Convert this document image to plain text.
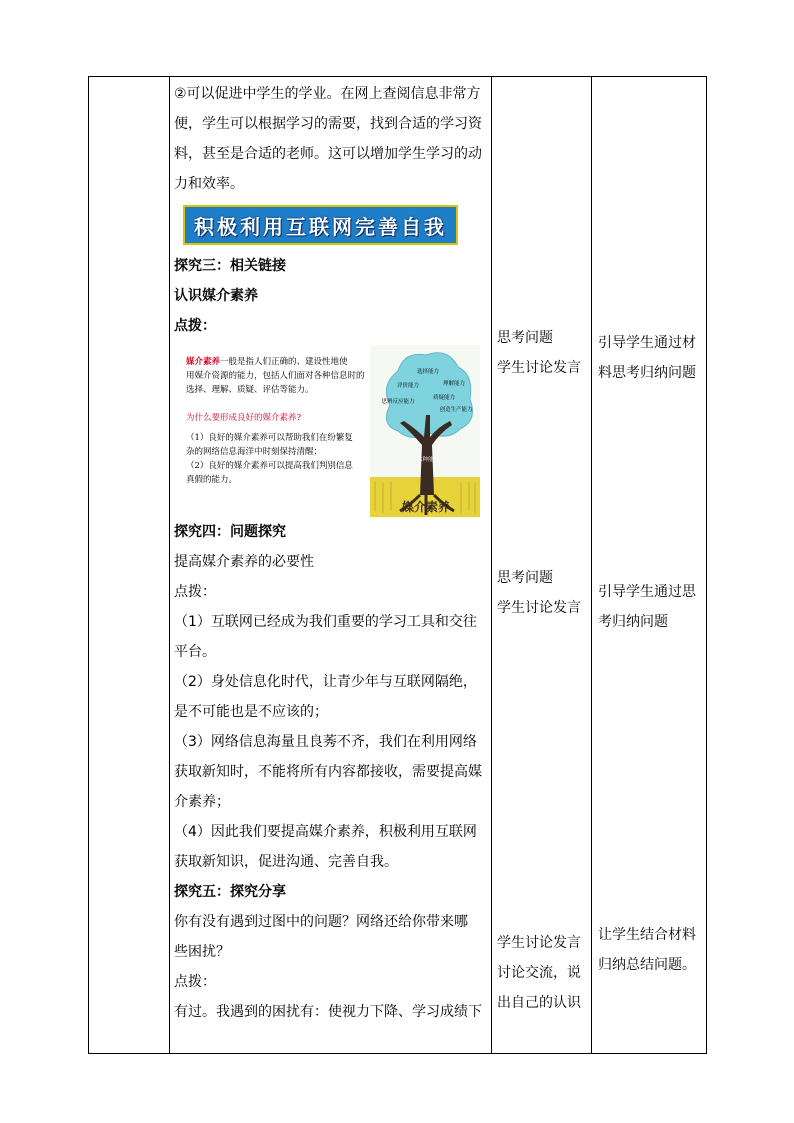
②可以促进中学生的学业。在网上查阅信息非常方

便，学生可以根据学习的需要，找到合适的学习资

料，甚至是合适的老师。这可以增加学生学习的动

力和效率。

积极利用互联网完善自我

探究三：相关链接

认识媒介素养

点拨：

媒介素养一般是指人们正确的、建设性地使
用媒介资源的能力，包括人们面对各种信息时的
选择、理解、质疑、评估等能力。
为什么要形成良好的媒介素养?
（1）良好的媒介素养可以帮助我们在纷繁复
杂的网络信息海洋中时刻保持清醒；
（2）良好的媒介素养可以提高我们判别信息
真假的能力。
选择能力
理解能力
评价能力
质疑能力
思辨反应能力
创造生产能力
六种能力
媒介素养

探究四：问题探究

提高媒介素养的必要性

点拨：

（1）互联网已经成为我们重要的学习工具和交往

平台。

（2）身处信息化时代，让青少年与互联网隔绝，

是不可能也是不应该的；

（3）网络信息海量且良莠不齐，我们在利用网络

获取新知时，不能将所有内容都接收，需要提高媒

介素养；

（4）因此我们要提高媒介素养，积极利用互联网

获取新知识，促进沟通、完善自我。

探究五：探究分享

你有没有遇到过图中的问题？网络还给你带来哪

些困扰？

点拨：

有过。我遇到的困扰有：使视力下降、学习成绩下

思考问题
学生讨论发言
思考问题
学生讨论发言
学生讨论发言
讨论交流，说
出自己的认识
引导学生通过材
料思考归纳问题
引导学生通过思
考归纳问题
让学生结合材料
归纳总结问题。
